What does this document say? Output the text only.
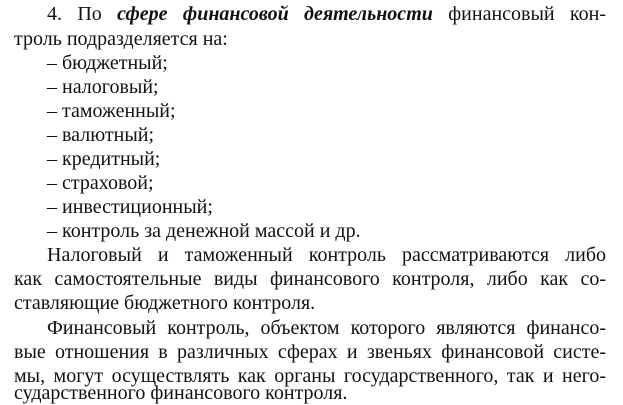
4. По сфере финансовой деятельности финансовый кон-
троль подразделяется на:
– бюджетный;
– налоговый;
– таможенный;
– валютный;
– кредитный;
– страховой;
– инвестиционный;
– контроль за денежной массой и др.
Налоговый и таможенный контроль рассматриваются либо
как самостоятельные виды финансового контроля, либо как со-
ставляющие бюджетного контроля.
Финансовый контроль, объектом которого являются финансо-
вые отношения в различных сферах и звеньях финансовой систе-
мы, могут осуществлять как органы государственного, так и него-
сударственного финансового контроля.
